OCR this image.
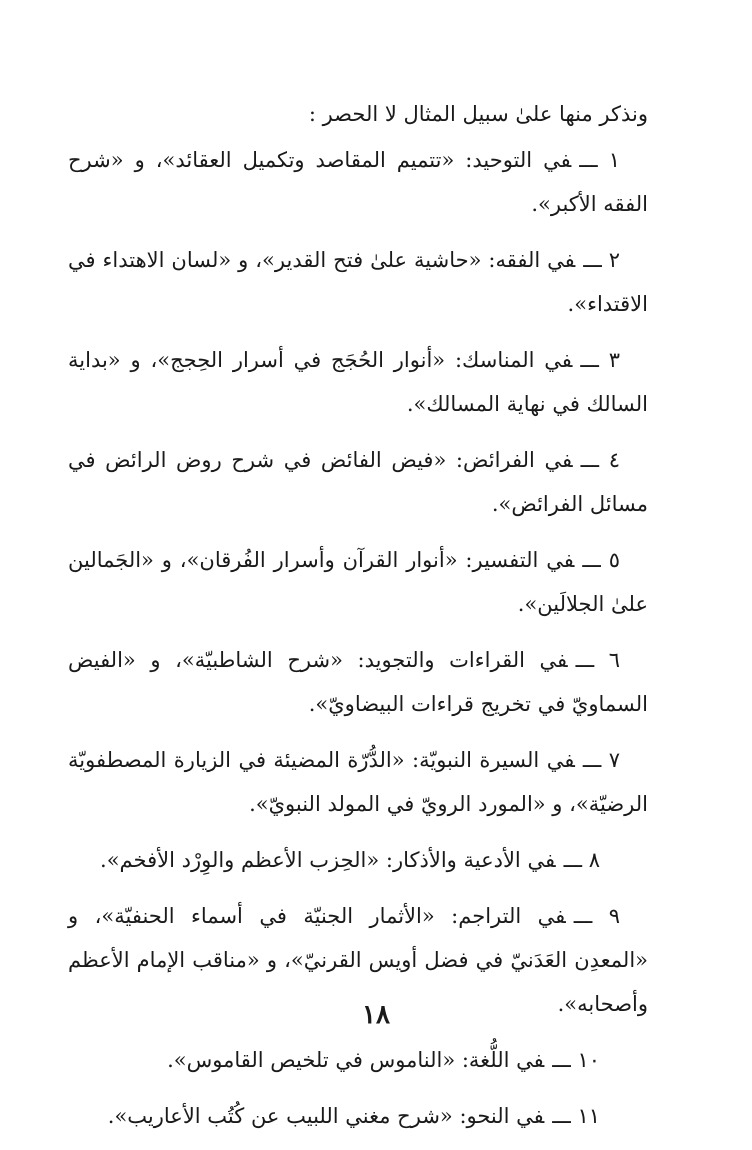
ونذكر منها علىٰ سبيل المثال لا الحصر :

١ ـــفي التوحيد: «تتميم المقاصد وتكميل العقائد»، و «شرح الفقه الأكبر».

٢ ـــفي الفقه: «حاشية علىٰ فتح القدير»، و «لسان الاهتداء في الاقتداء».

٣ ـــفي المناسك: «أنوار الحُجَج في أسرار الحِجج»، و «بداية السالك في نهاية المسالك».

٤ ـــفي الفرائض: «فيض الفائض في شرح روض الرائض في مسائل الفرائض».

٥ ـــفي التفسير: «أنوار القرآن وأسرار الفُرقان»، و «الجَمالين علىٰ الجلالَين».

٦ ـــفي القراءات والتجويد: «شرح الشاطبيّة»، و «الفيض السماويّ في تخريج قراءات البيضاويّ».

٧ ـــفي السيرة النبويّة: «الدُّرّة المضيئة في الزيارة المصطفويّة الرضيّة»، و «المورد الرويّ في المولد النبويّ».

٨ ـــفي الأدعية والأذكار: «الحِزب الأعظم والوِرْد الأفخم».

٩ ـــفي التراجم: «الأثمار الجنيّة في أسماء الحنفيّة»، و «المعدِن العَدَنيّ في فضل أويس القرنيّ»، و «مناقب الإمام الأعظم وأصحابه».

١٠ ـــفي اللُّغة: «الناموس في تلخيص القاموس».

١١ ـــفي النحو: «شرح مغني اللبيب عن كُتُب الأعاريب».

١٨
